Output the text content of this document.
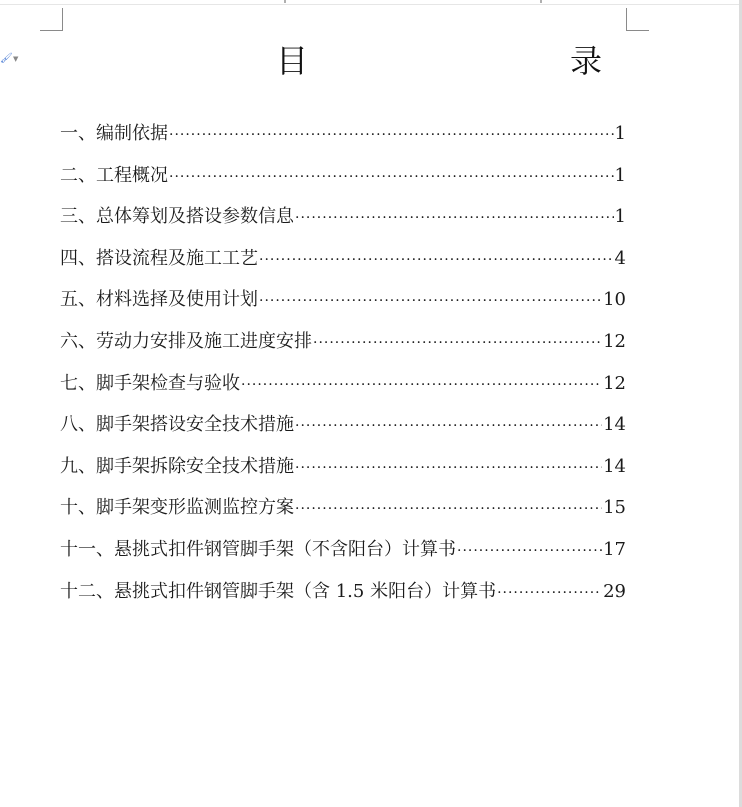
🖌 ▼	目　　录
一、编制依据 ·····	1
二、工程概况 ·····	1
三、总体筹划及搭设参数信息 ·····	1
四、搭设流程及施工工艺 ·····	4
五、材料选择及使用计划 ·····	10
六、劳动力安排及施工进度安排 ·····	12
七、脚手架检查与验收 ·····	12
八、脚手架搭设安全技术措施 ·····	14
九、脚手架拆除安全技术措施 ·····	14
十、脚手架变形监测监控方案 ·····	15
十一、悬挑式扣件钢管脚手架（不含阳台）计算书 ·····	17
十二、悬挑式扣件钢管脚手架（含 1.5 米阳台）计算书 ·····	29
